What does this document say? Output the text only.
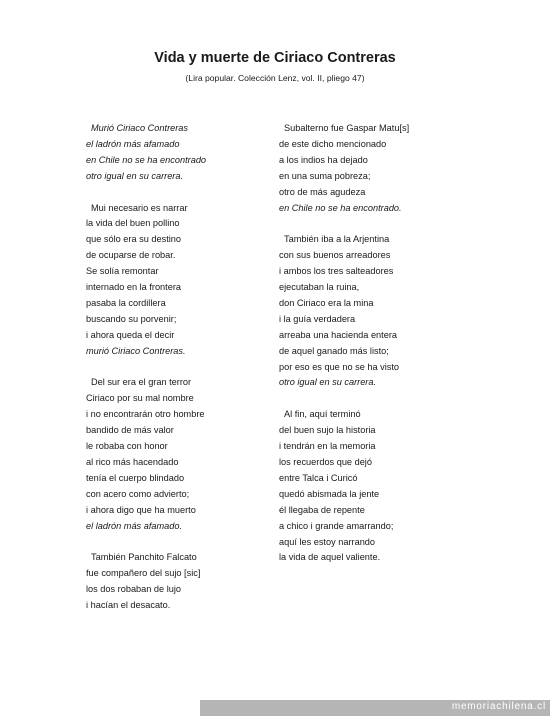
Vida y muerte de Ciriaco Contreras
(Lira popular. Colección Lenz, vol. II, pliego 47)
Murió Ciriaco Contreras
el ladrón más afamado
en Chile no se ha encontrado
otro igual en su carrera.
Mui necesario es narrar
la vida del buen pollino
que sólo era su destino
de ocuparse de robar.
Se solía remontar
internado en la frontera
pasaba la cordillera
buscando su porvenir;
i ahora queda el decir
murió Ciriaco Contreras.
Del sur era el gran terror
Ciriaco por su mal nombre
i no encontrarán otro hombre
bandido de más valor
le robaba con honor
al rico más hacendado
tenía el cuerpo blindado
con acero como advierto;
i ahora digo que ha muerto
el ladrón más afamado.
También Panchito Falcato
fue compañero del sujo [sic]
los dos robaban de lujo
i hacían el desacato.
Subalterno fue Gaspar Matu[s]
de este dicho mencionado
a los indios ha dejado
en una suma pobreza;
otro de más agudeza
en Chile no se ha encontrado.
También iba a la Arjentina
con sus buenos arreadores
i ambos los tres salteadores
ejecutaban la ruina,
don Ciriaco era la mina
i la guía verdadera
arreaba una hacienda entera
de aquel ganado más listo;
por eso es que no se ha visto
otro igual en su carrera.
Al fin, aquí terminó
del buen sujo la historia
i tendrán en la memoria
los recuerdos que dejó
entre Talca i Curicó
quedó abismada la jente
él llegaba de repente
a chico i grande amarrando;
aquí les estoy narrando
la vida de aquel valiente.
memoriachilena.cl
